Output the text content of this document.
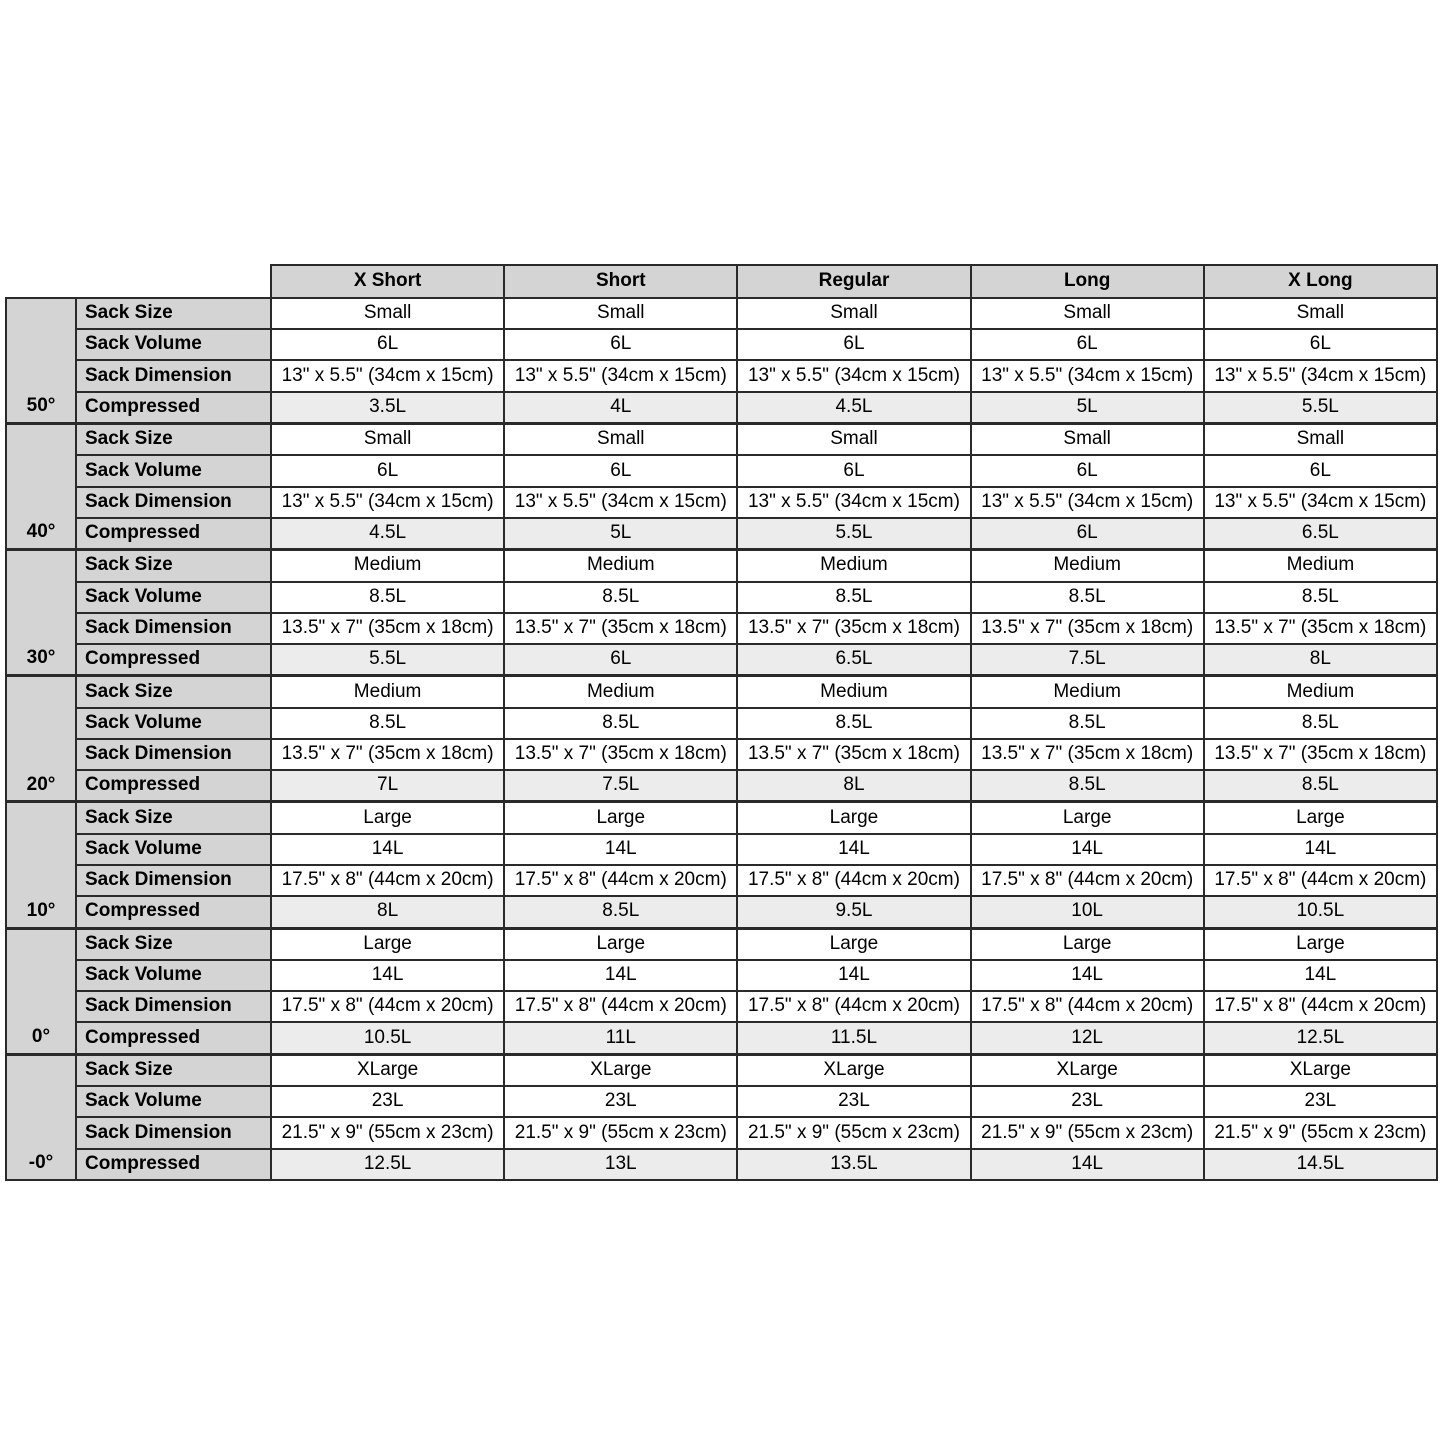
		X Short	Short	Regular	Long	X Long
50°	Sack Size	Small	Small	Small	Small	Small
	Sack Volume	6L	6L	6L	6L	6L
	Sack Dimension	13" x 5.5" (34cm x 15cm)	13" x 5.5" (34cm x 15cm)	13" x 5.5" (34cm x 15cm)	13" x 5.5" (34cm x 15cm)	13" x 5.5" (34cm x 15cm)
	Compressed	3.5L	4L	4.5L	5L	5.5L
40°	Sack Size	Small	Small	Small	Small	Small
	Sack Volume	6L	6L	6L	6L	6L
	Sack Dimension	13" x 5.5" (34cm x 15cm)	13" x 5.5" (34cm x 15cm)	13" x 5.5" (34cm x 15cm)	13" x 5.5" (34cm x 15cm)	13" x 5.5" (34cm x 15cm)
	Compressed	4.5L	5L	5.5L	6L	6.5L
30°	Sack Size	Medium	Medium	Medium	Medium	Medium
	Sack Volume	8.5L	8.5L	8.5L	8.5L	8.5L
	Sack Dimension	13.5" x 7" (35cm x 18cm)	13.5" x 7" (35cm x 18cm)	13.5" x 7" (35cm x 18cm)	13.5" x 7" (35cm x 18cm)	13.5" x 7" (35cm x 18cm)
	Compressed	5.5L	6L	6.5L	7.5L	8L
20°	Sack Size	Medium	Medium	Medium	Medium	Medium
	Sack Volume	8.5L	8.5L	8.5L	8.5L	8.5L
	Sack Dimension	13.5" x 7" (35cm x 18cm)	13.5" x 7" (35cm x 18cm)	13.5" x 7" (35cm x 18cm)	13.5" x 7" (35cm x 18cm)	13.5" x 7" (35cm x 18cm)
	Compressed	7L	7.5L	8L	8.5L	8.5L
10°	Sack Size	Large	Large	Large	Large	Large
	Sack Volume	14L	14L	14L	14L	14L
	Sack Dimension	17.5" x 8" (44cm x 20cm)	17.5" x 8" (44cm x 20cm)	17.5" x 8" (44cm x 20cm)	17.5" x 8" (44cm x 20cm)	17.5" x 8" (44cm x 20cm)
	Compressed	8L	8.5L	9.5L	10L	10.5L
0°	Sack Size	Large	Large	Large	Large	Large
	Sack Volume	14L	14L	14L	14L	14L
	Sack Dimension	17.5" x 8" (44cm x 20cm)	17.5" x 8" (44cm x 20cm)	17.5" x 8" (44cm x 20cm)	17.5" x 8" (44cm x 20cm)	17.5" x 8" (44cm x 20cm)
	Compressed	10.5L	11L	11.5L	12L	12.5L
-0°	Sack Size	XLarge	XLarge	XLarge	XLarge	XLarge
	Sack Volume	23L	23L	23L	23L	23L
	Sack Dimension	21.5" x 9" (55cm x 23cm)	21.5" x 9" (55cm x 23cm)	21.5" x 9" (55cm x 23cm)	21.5" x 9" (55cm x 23cm)	21.5" x 9" (55cm x 23cm)
	Compressed	12.5L	13L	13.5L	14L	14.5L
